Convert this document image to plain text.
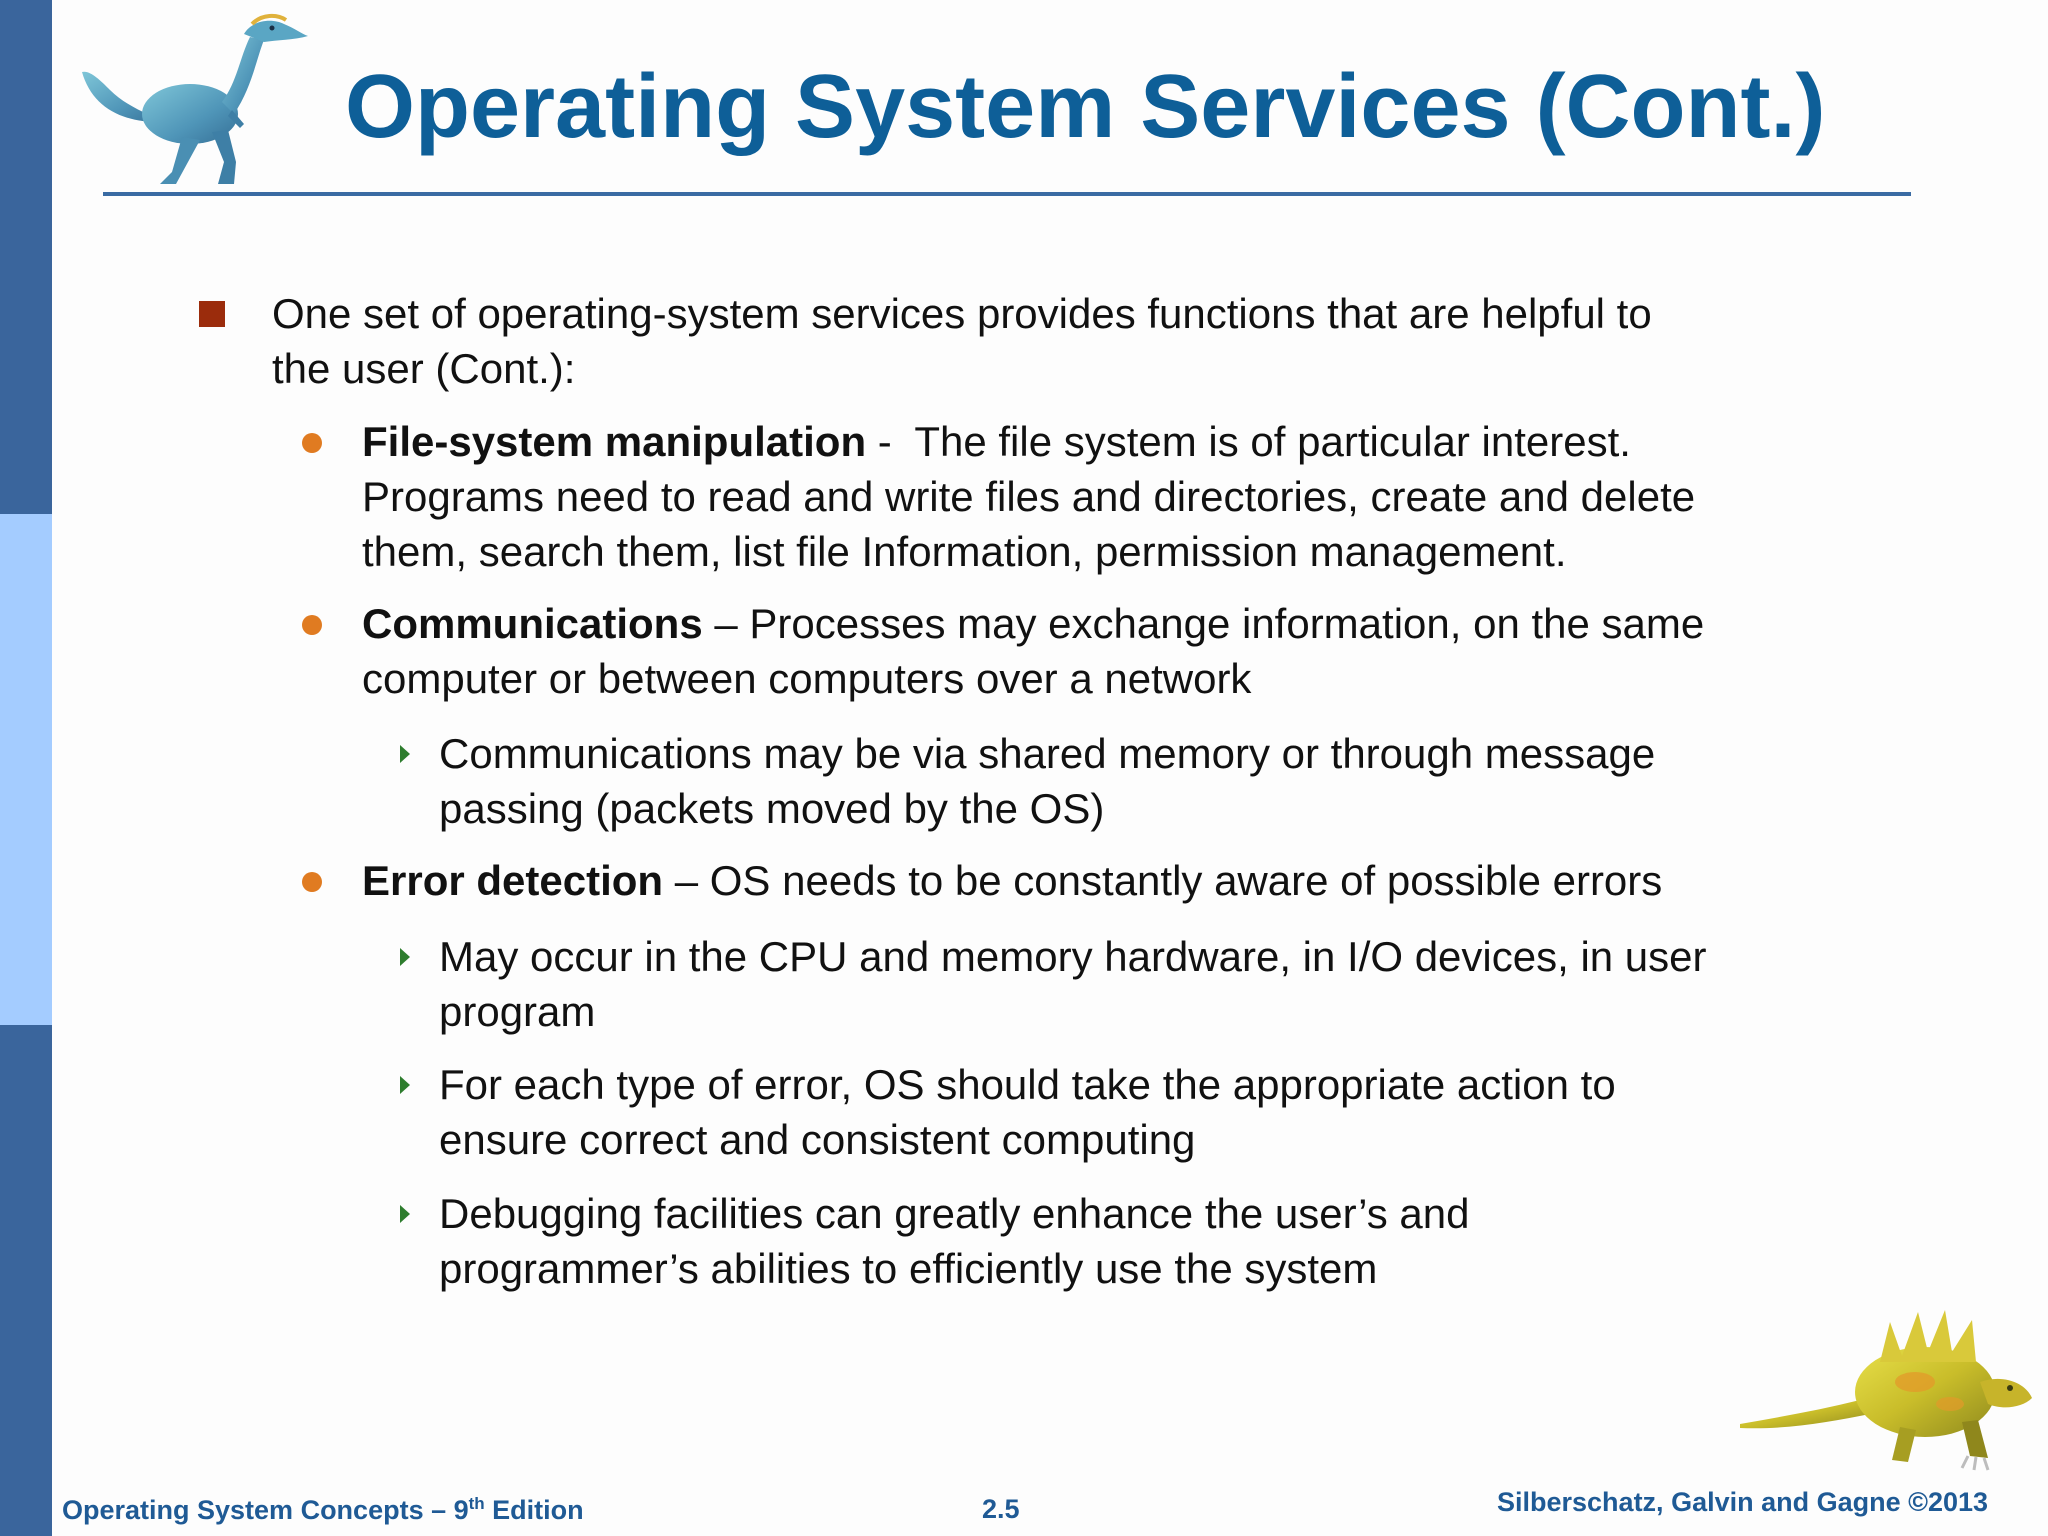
Operating System Services (Cont.)
One set of operating-system services provides functions that are helpful to
the user (Cont.):
File-system manipulation -  The file system is of particular interest.
Programs need to read and write files and directories, create and delete
them, search them, list file Information, permission management.
Communications – Processes may exchange information, on the same
computer or between computers over a network
Communications may be via shared memory or through message
passing (packets moved by the OS)
Error detection – OS needs to be constantly aware of possible errors
May occur in the CPU and memory hardware, in I/O devices, in user
program
For each type of error, OS should take the appropriate action to
ensure correct and consistent computing
Debugging facilities can greatly enhance the user’s and
programmer’s abilities to efficiently use the system
Operating System Concepts – 9th Edition	2.5	Silberschatz, Galvin and Gagne ©2013
